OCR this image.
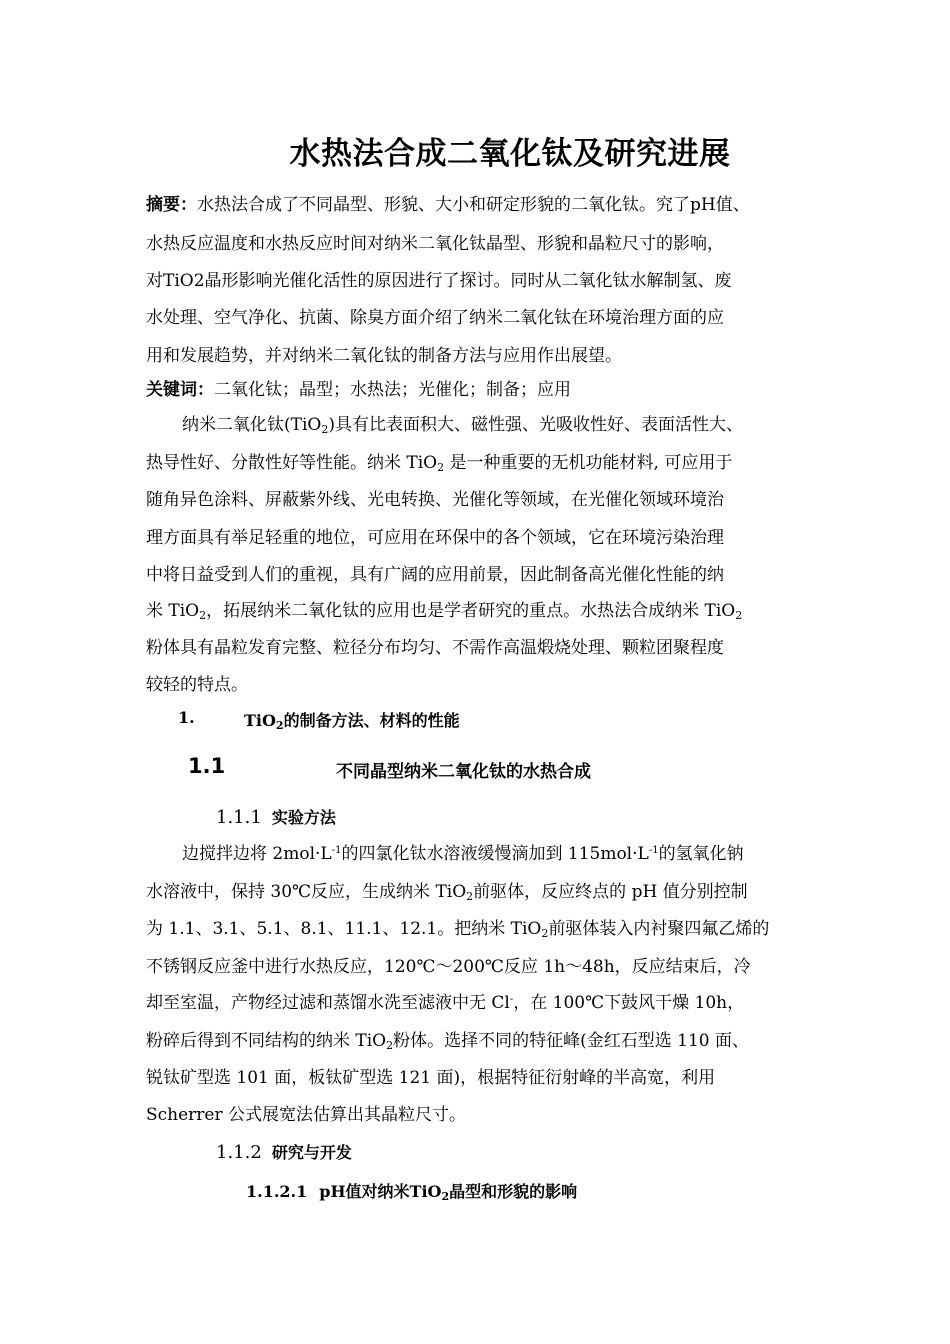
水热法合成二氧化钛及研究进展
摘要：水热法合成了不同晶型、形貌、大小和研定形貌的二氧化钛。究了pH值、
水热反应温度和水热反应时间对纳米二氧化钛晶型、形貌和晶粒尺寸的影响，
对TiO2晶形影响光催化活性的原因进行了探讨。同时从二氧化钛水解制氢、废
水处理、空气净化、抗菌、除臭方面介绍了纳米二氧化钛在环境治理方面的应
用和发展趋势，并对纳米二氧化钛的制备方法与应用作出展望。
关键词：二氧化钛；晶型；水热法；光催化；制备；应用
纳米二氧化钛(TiO$_2$)具有比表面积大、磁性强、光吸收性好、表面活性大、
热导性好、分散性好等性能。纳米 TiO$_2$ 是一种重要的无机功能材料, 可应用于
随角异色涂料、屏蔽紫外线、光电转换、光催化等领域，在光催化领域环境治
理方面具有举足轻重的地位，可应用在环保中的各个领域，它在环境污染治理
中将日益受到人们的重视，具有广阔的应用前景，因此制备高光催化性能的纳
米 TiO$_2$，拓展纳米二氧化钛的应用也是学者研究的重点。水热法合成纳米 TiO$_2$
粉体具有晶粒发育完整、粒径分布均匀、不需作高温煅烧处理、颗粒团聚程度
较轻的特点。
1.	TiO$_2$的制备方法、材料的性能
1.1	不同晶型纳米二氧化钛的水热合成
1.1.1 实验方法
边搅拌边将 $2mol\cdot L^{-1}$的四氯化钛水溶液缓慢滴加到 $115mol\cdot L^{-1}$的氢氧化钠
水溶液中，保持 30℃反应，生成纳米 TiO$_2$前驱体，反应终点的 pH 值分别控制
为 1.1、3.1、5.1、8.1、11.1、12.1。把纳米 TiO$_2$前驱体装入内衬聚四氟乙烯的
不锈钢反应釜中进行水热反应，120℃～200℃反应 1h～48h，反应结束后，冷
却至室温，产物经过滤和蒸馏水洗至滤液中无 Cl-，在 100℃下鼓风干燥 10h，
粉碎后得到不同结构的纳米 TiO$_2$粉体。选择不同的特征峰(金红石型选 110 面、
锐钛矿型选 101 面，板钛矿型选 121 面)，根据特征衍射峰的半高宽，利用
Scherrer 公式展宽法估算出其晶粒尺寸。
1.1.2 研究与开发
1.1.2.1 pH值对纳米TiO$_2$晶型和形貌的影响
